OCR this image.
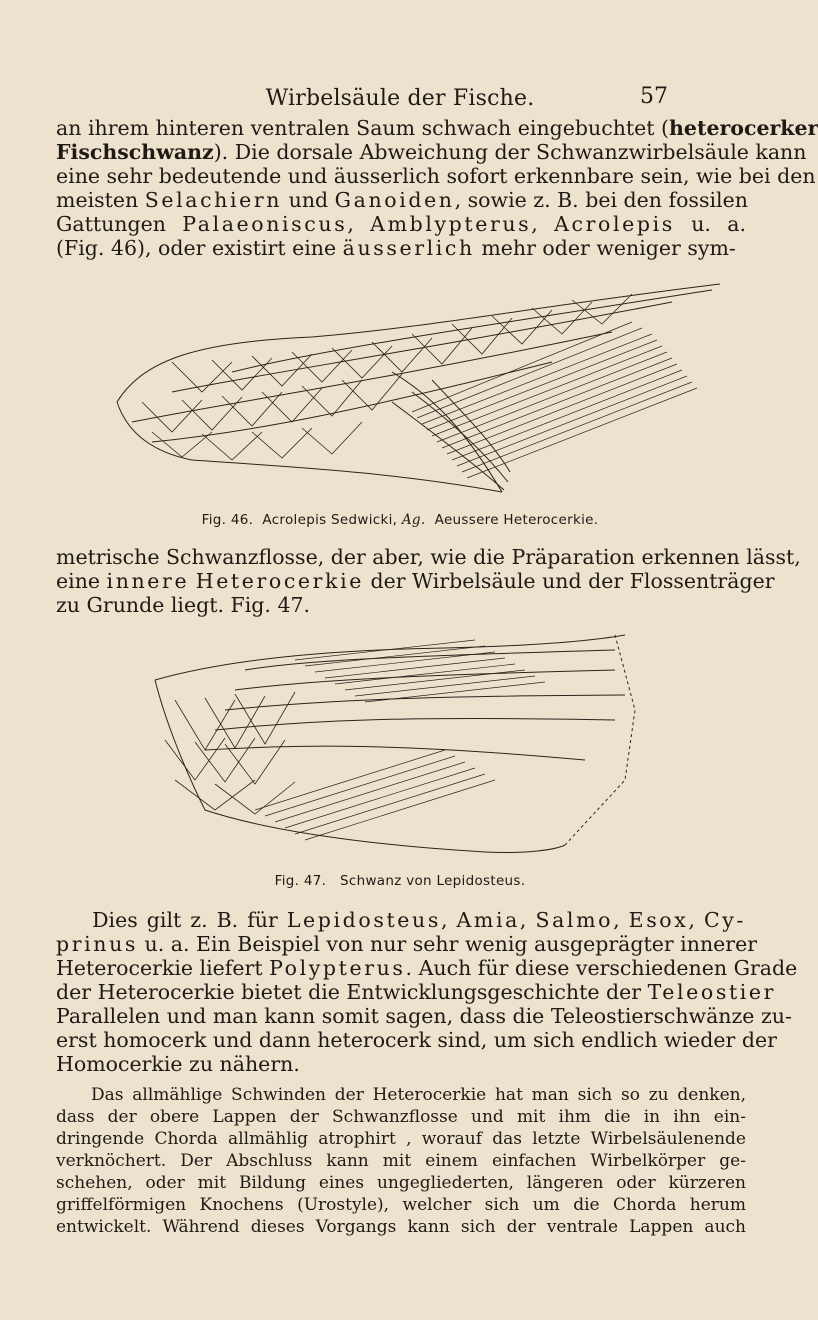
Wirbelsäule der Fische.	57
an ihrem hinteren ventralen Saum schwach eingebuchtet (heterocerker
Fischschwanz). Die dorsale Abweichung der Schwanzwirbelsäule kann
eine sehr bedeutende und äusserlich sofort erkennbare sein, wie bei den
meisten Selachiern und Ganoiden, sowie z. B. bei den fossilen
Gattungen Palaeoniscus, Amblypterus, Acrolepis u. a.
(Fig. 46), oder existirt eine äusserlich mehr oder weniger sym-
Fig. 46. Acrolepis Sedwicki, Ag. Aeussere Heterocerkie.
metrische Schwanzflosse, der aber, wie die Präparation erkennen lässt,
eine innere Heterocerkie der Wirbelsäule und der Flossenträger
zu Grunde liegt. Fig. 47.
Fig. 47. Schwanz von Lepidosteus.
Dies gilt z. B. für Lepidosteus, Amia, Salmo, Esox, Cy-
prinus u. a. Ein Beispiel von nur sehr wenig ausgeprägter innerer
Heterocerkie liefert Polypterus. Auch für diese verschiedenen Grade
der Heterocerkie bietet die Entwicklungsgeschichte der Teleostier
Parallelen und man kann somit sagen, dass die Teleostierschwänze zu-
erst homocerk und dann heterocerk sind, um sich endlich wieder der
Homocerkie zu nähern.
Das allmählige Schwinden der Heterocerkie hat man sich so zu denken,
dass der obere Lappen der Schwanzflosse und mit ihm die in ihn ein-
dringende Chorda allmählig atrophirt , worauf das letzte Wirbelsäulenende
verknöchert. Der Abschluss kann mit einem einfachen Wirbelkörper ge-
schehen, oder mit Bildung eines ungegliederten, längeren oder kürzeren
griffelförmigen Knochens (Urostyle), welcher sich um die Chorda herum
entwickelt. Während dieses Vorgangs kann sich der ventrale Lappen auch
